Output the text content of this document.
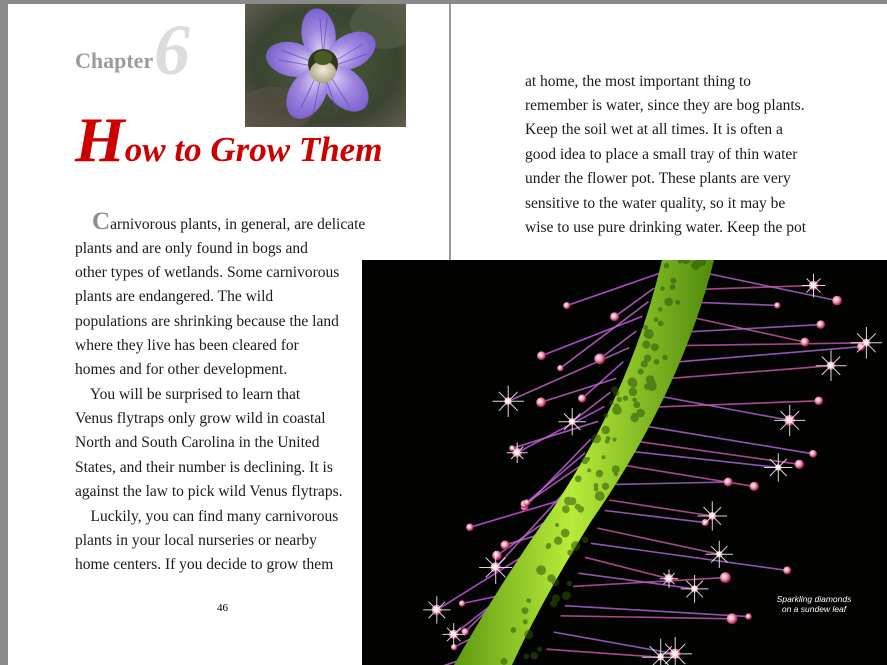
6
Chapter
How to Grow Them
Carnivorous plants, in general, are delicate
plants and are only found in bogs and
other types of wetlands. Some carnivorous
plants are endangered. The wild
populations are shrinking because the land
where they live has been cleared for
homes and for other development.
You will be surprised to learn that
Venus flytraps only grow wild in coastal
North and South Carolina in the United
States, and their number is declining. It is
against the law to pick wild Venus flytraps.
Luckily, you can find many carnivorous
plants in your local nurseries or nearby
home centers. If you decide to grow them
46
at home, the most important thing to
remember is water, since they are bog plants.
Keep the soil wet at all times. It is often a
good idea to place a small tray of thin water
under the flower pot. These plants are very
sensitive to the water quality, so it may be
wise to use pure drinking water. Keep the pot
Sparkling diamonds
on a sundew leaf
